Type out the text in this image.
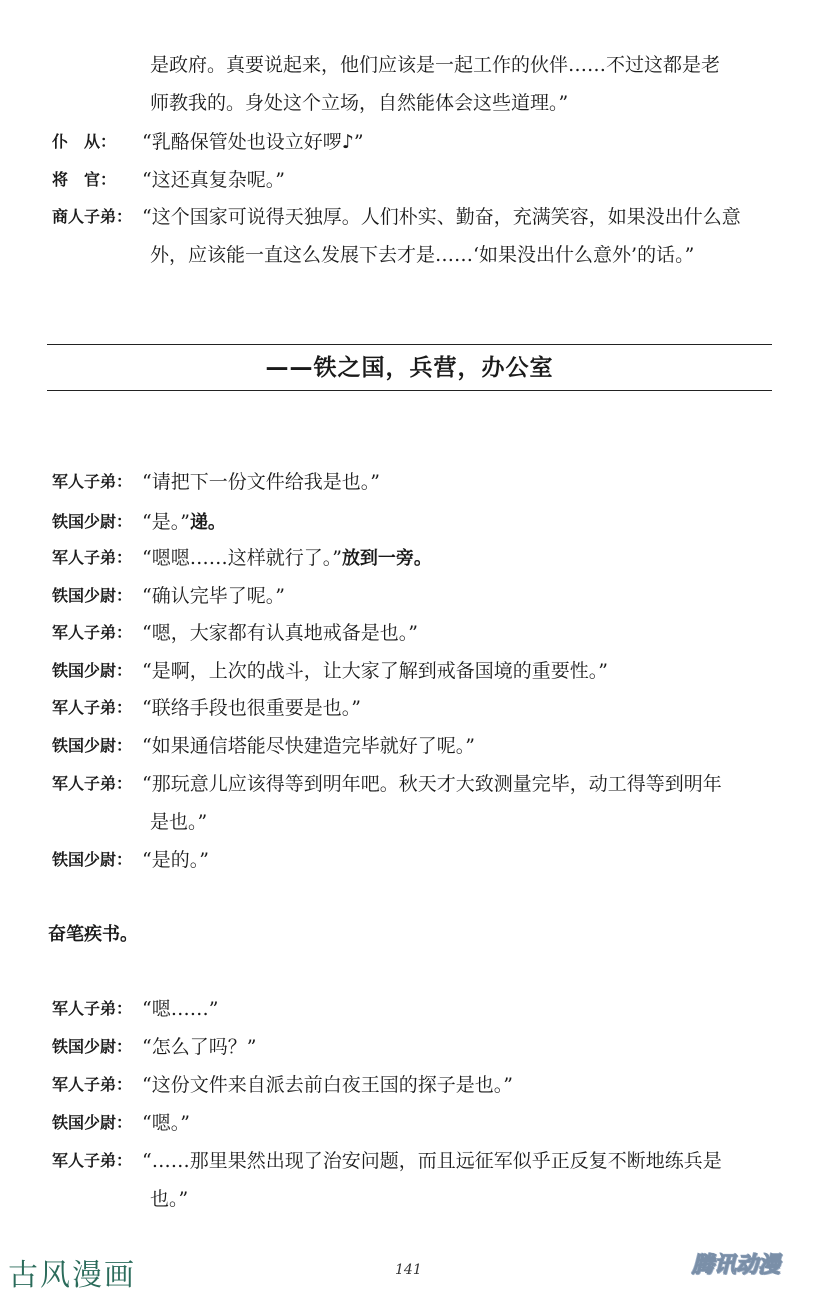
是政府。真要说起来，他们应该是一起工作的伙伴……不过这都是老
师教我的。身处这个立场，自然能体会这些道理。”
仆　从：	“乳酪保管处也设立好啰♪”
将　官：	“这还真复杂呢。”
商人子弟： “这个国家可说得天独厚。人们朴实、勤奋，充满笑容，如果没出什么意
外，应该能一直这么发展下去才是……‘如果没出什么意外’的话。”
——铁之国，兵营，办公室
军人子弟： “请把下一份文件给我是也。”
铁国少尉： “是。”递。
军人子弟： “嗯嗯……这样就行了。”放到一旁。
铁国少尉： “确认完毕了呢。”
军人子弟： “嗯，大家都有认真地戒备是也。”
铁国少尉： “是啊，上次的战斗，让大家了解到戒备国境的重要性。”
军人子弟： “联络手段也很重要是也。”
铁国少尉： “如果通信塔能尽快建造完毕就好了呢。”
军人子弟： “那玩意儿应该得等到明年吧。秋天才大致测量完毕，动工得等到明年
是也。”
铁国少尉： “是的。”
奋笔疾书。
军人子弟： “嗯……”
铁国少尉： “怎么了吗？”
军人子弟： “这份文件来自派去前白夜王国的探子是也。”
铁国少尉： “嗯。”
军人子弟： “……那里果然出现了治安问题，而且远征军似乎正反复不断地练兵是
也。”
古风漫画	141	腾讯动漫
